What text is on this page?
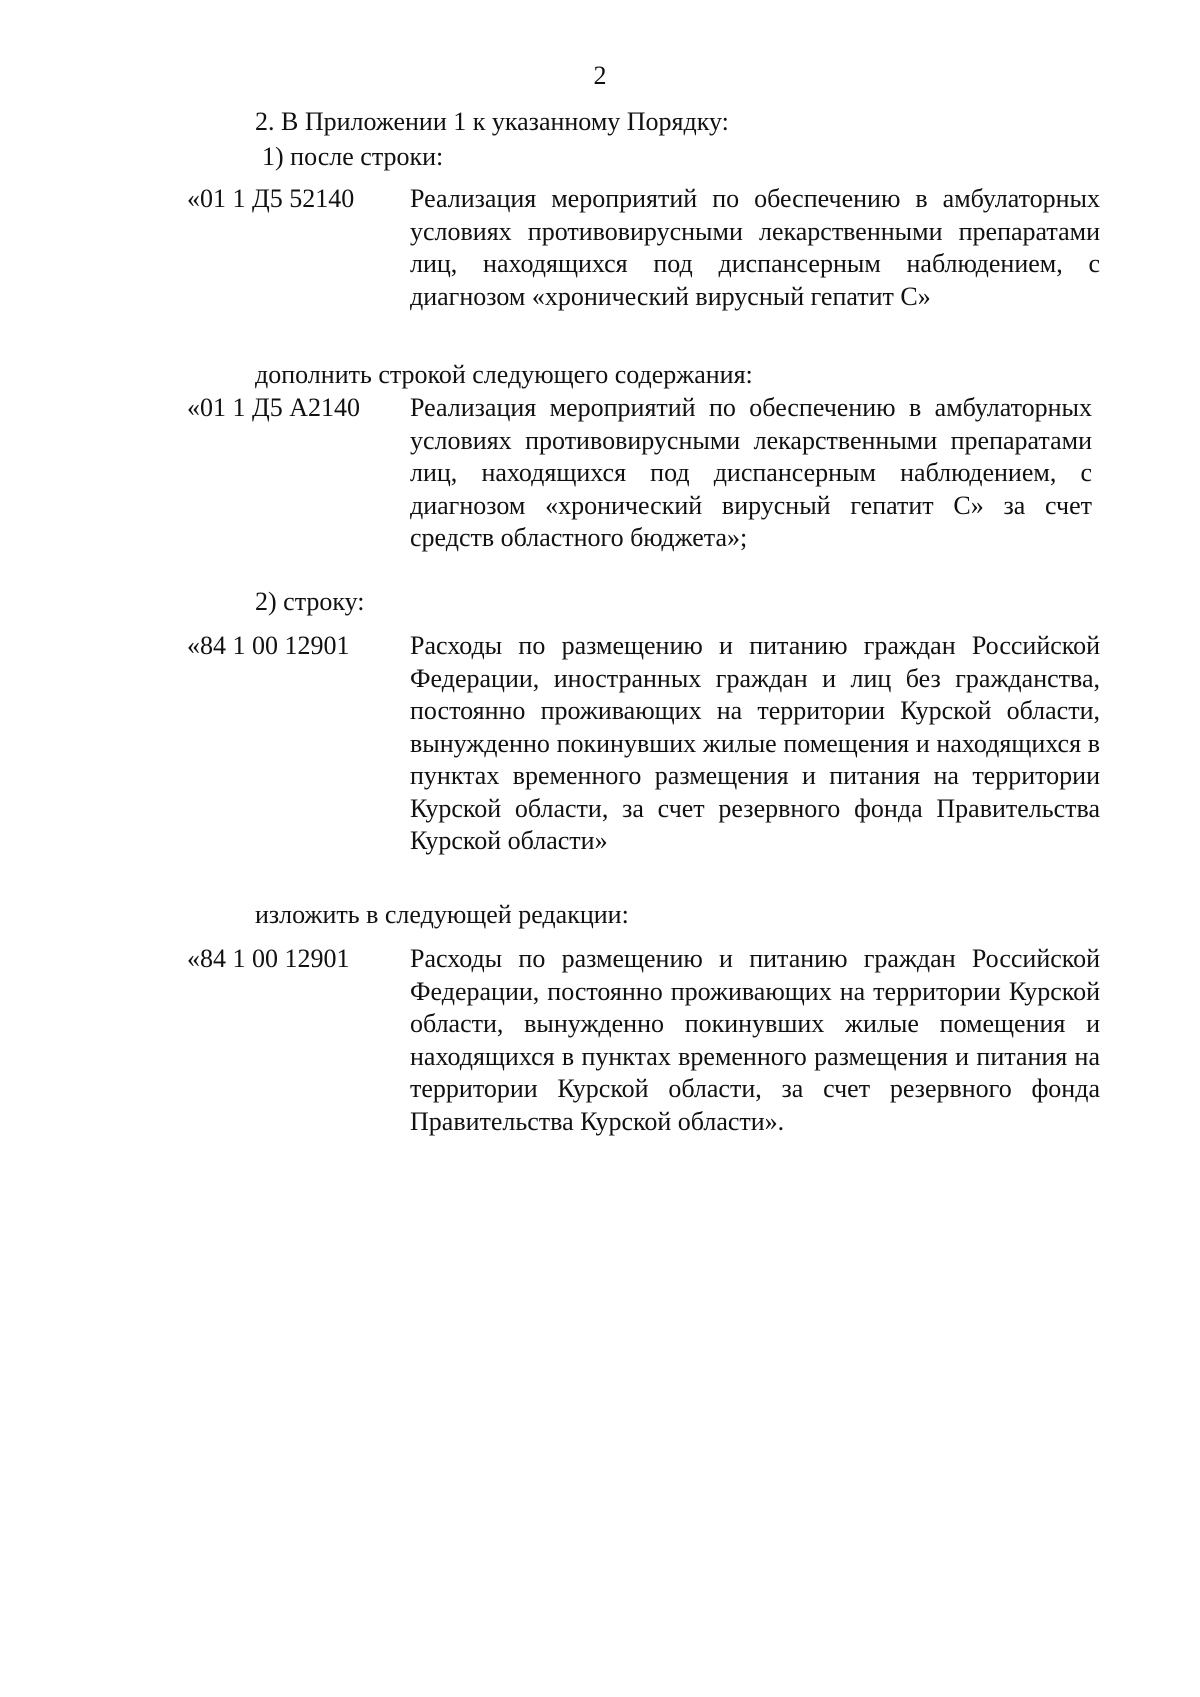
2
2. В Приложении 1 к указанному Порядку:
1) после строки:
«01 1 Д5 52140 Реализация мероприятий по обеспечению в амбулаторных условиях противовирусными лекарственными препаратами лиц, находящихся под диспансерным наблюдением, с диагнозом «хронический вирусный гепатит С»
дополнить строкой следующего содержания:
«01 1 Д5 А2140 Реализация мероприятий по обеспечению в амбулаторных условиях противовирусными лекарственными препаратами лиц, находящихся под диспансерным наблюдением, с диагнозом «хронический вирусный гепатит С» за счет средств областного бюджета»;
2) строку:
«84 1 00 12901 Расходы по размещению и питанию граждан Российской Федерации, иностранных граждан и лиц без гражданства, постоянно проживающих на территории Курской области, вынужденно покинувших жилые помещения и находящихся в пунктах временного размещения и питания на территории Курской области, за счет резервного фонда Правительства Курской области»
изложить в следующей редакции:
«84 1 00 12901 Расходы по размещению и питанию граждан Российской Федерации, постоянно проживающих на территории Курской области, вынужденно покинувших жилые помещения и находящихся в пунктах временного размещения и питания на территории Курской области, за счет резервного фонда Правительства Курской области».
